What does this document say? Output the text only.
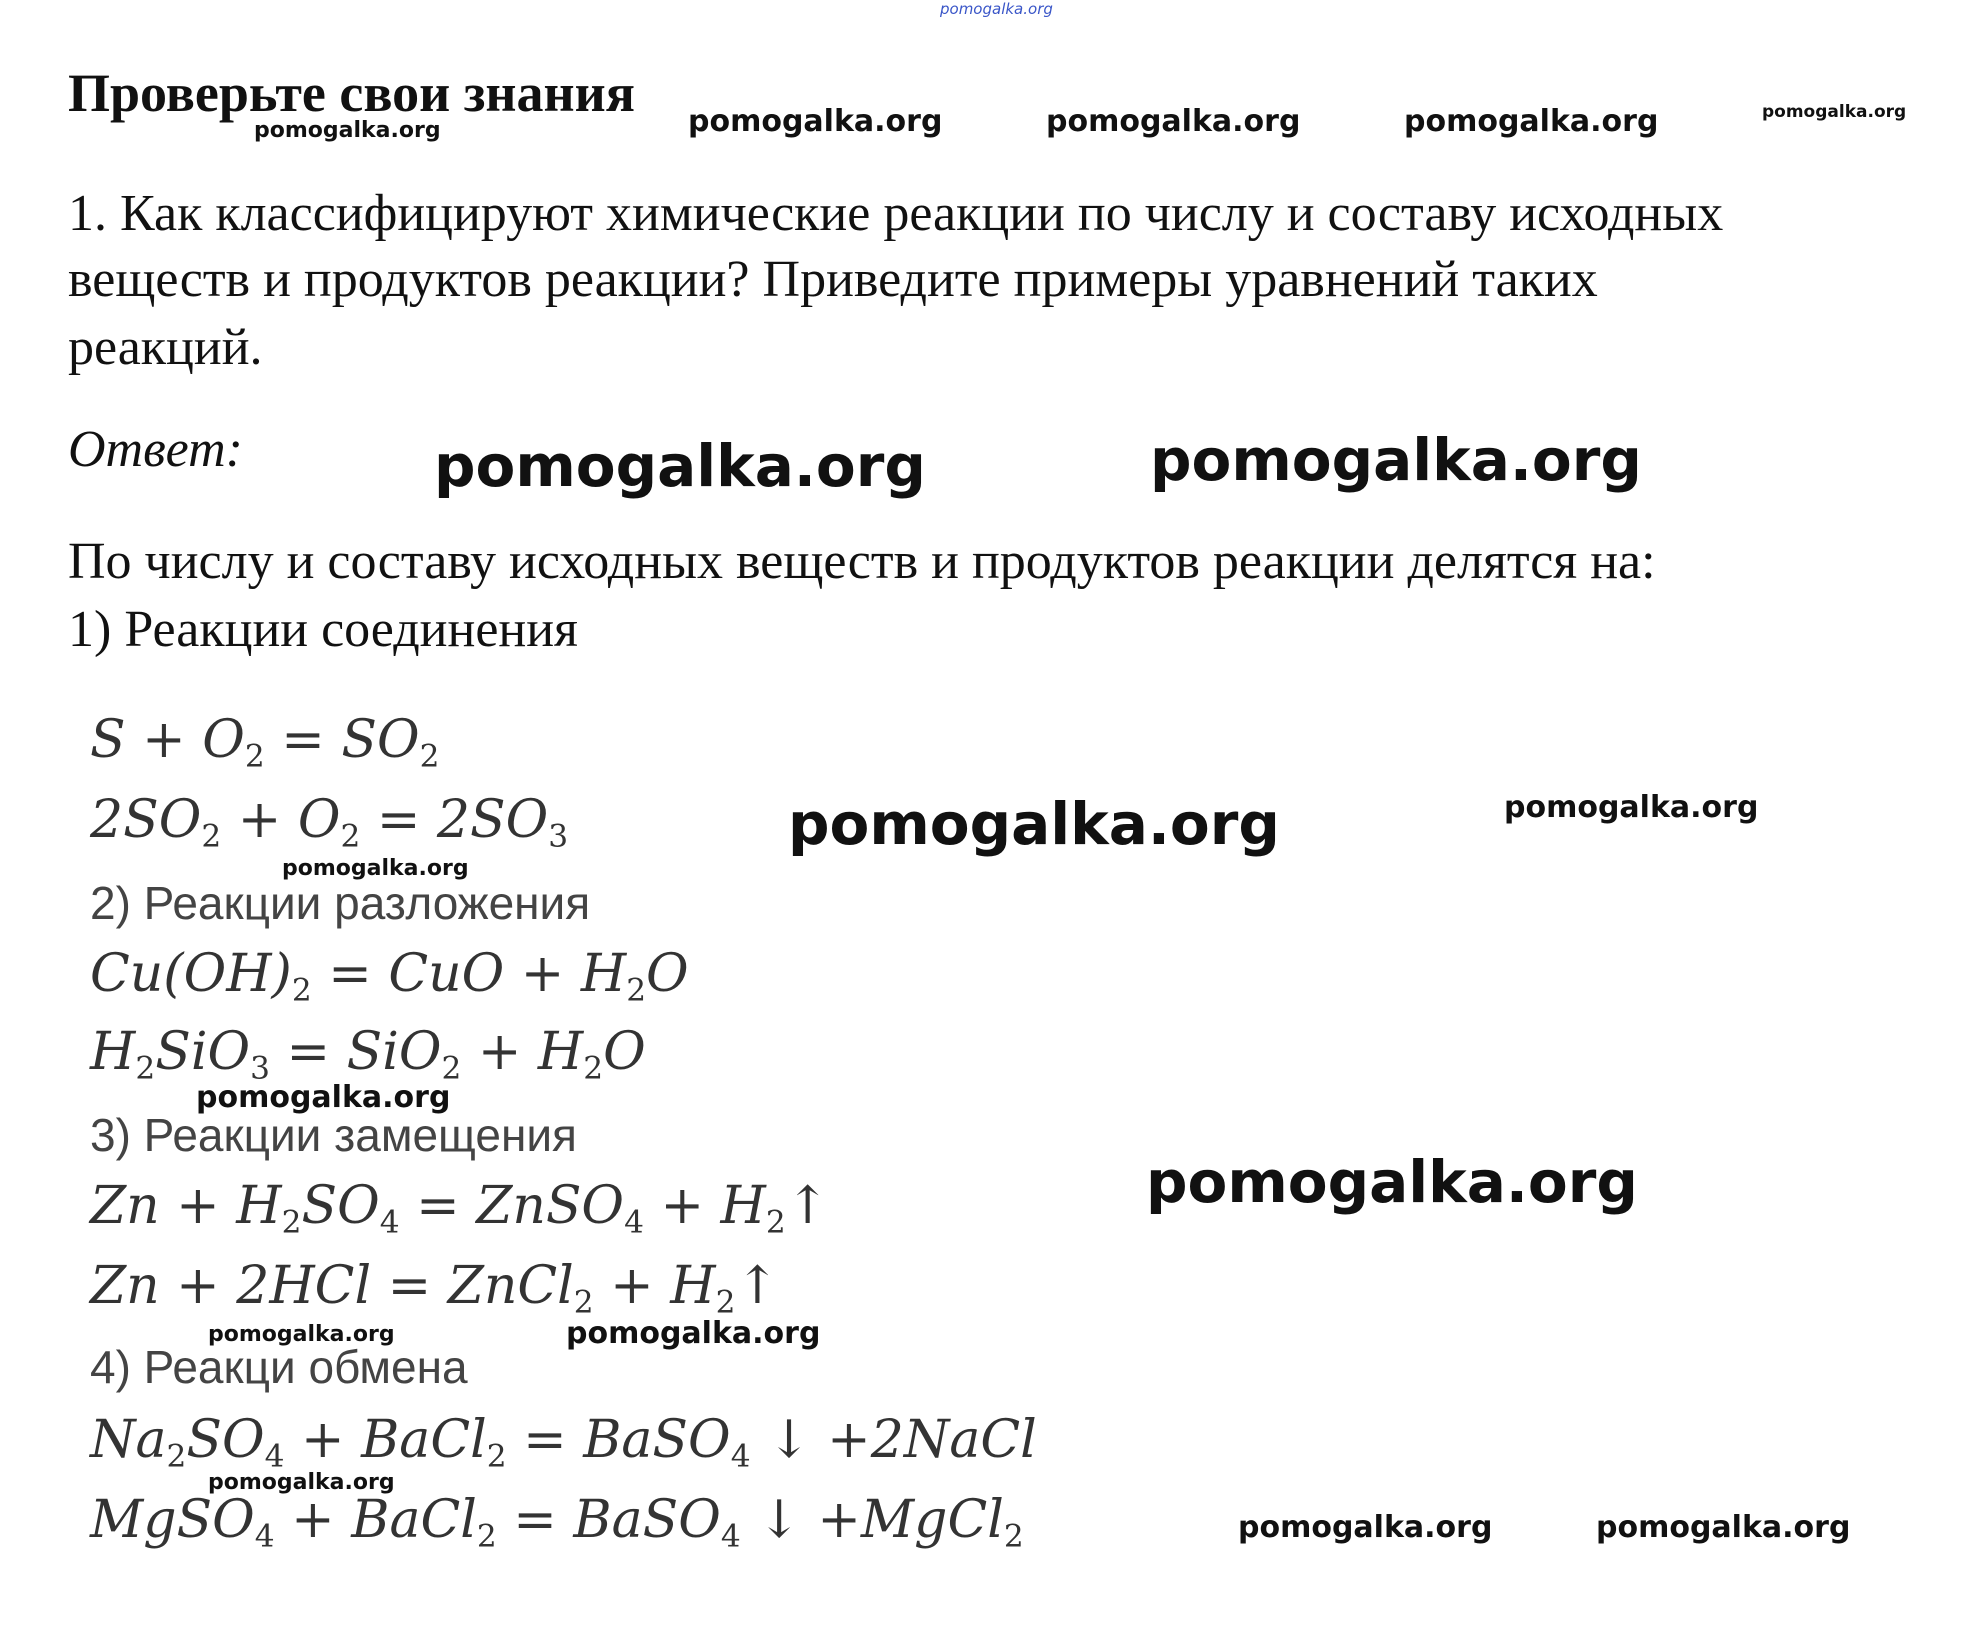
pomogalka.org
Проверьте свои знания
pomogalka.org	pomogalka.org	pomogalka.org	pomogalka.org	pomogalka.org
1. Как классифицируют химические реакции по числу и составу исходных
веществ и продуктов реакции? Приведите примеры уравнений таких
реакций.
Ответ:	pomogalka.org	pomogalka.org
По числу и составу исходных веществ и продуктов реакции делятся на:
1) Реакции соединения
$S + O_2 = SO_2$
$2SO_2 + O_2 = 2SO_3$	pomogalka.org	pomogalka.org
pomogalka.org
2) Реакции разложения
$Cu(OH)_2$ = CuO + $H_2O$
$H_2SiO_3 = SiO_2 + H_2O$
pomogalka.org
3) Реакции замещения
pomogalka.org
$Zn + H_2SO_4$ = ZnSO$_4$ + $H_2↑$
Zn + 2HCl = ZnCl$_2$ + $H_2↑$
pomogalka.org	pomogalka.org
4) Реакци обмена
$Na_2SO_4$ + BaCl$_2$ = BaSO$_4$ ↓ +2NaCl
pomogalka.org
MgSO$_4$ + BaCl$_2$ = BaSO$_4$ ↓ +MgCl$_2$	pomogalka.org	pomogalka.org
